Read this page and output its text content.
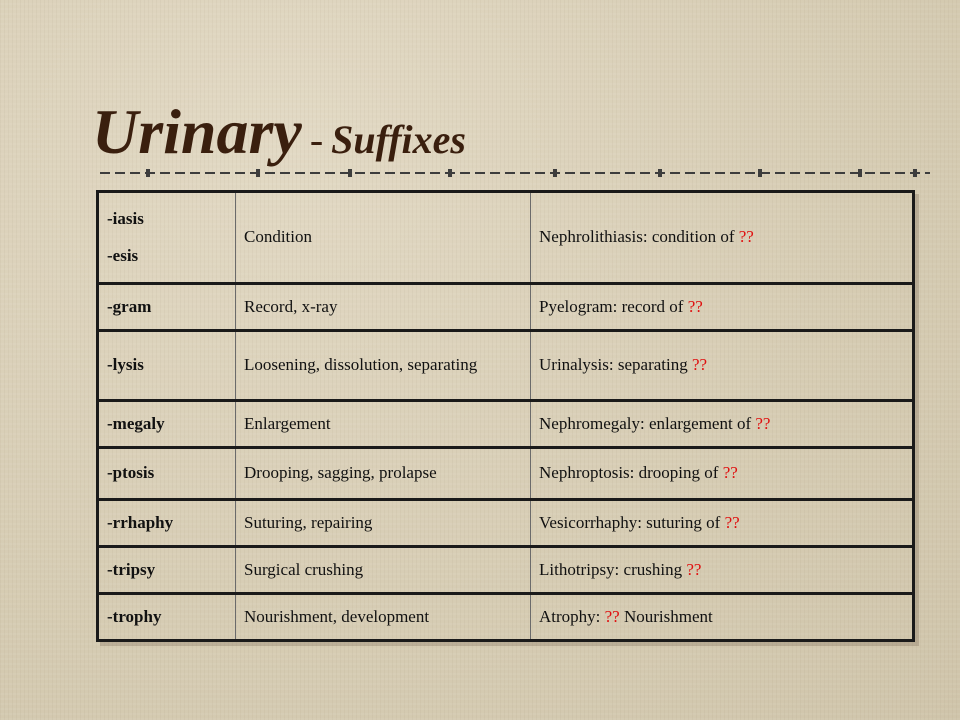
Urinary - Suffixes
-iasis
-esis	Condition	Nephrolithiasis: condition of ??

-gram	Record, x-ray	Pyelogram: record of ??

-lysis	Loosening, dissolution, separating	Urinalysis: separating ??

-megaly	Enlargement	Nephromegaly: enlargement of ??

-ptosis	Drooping, sagging, prolapse	Nephroptosis: drooping of ??

-rrhaphy	Suturing, repairing	Vesicorrhaphy: suturing of ??

-tripsy	Surgical crushing	Lithotripsy: crushing ??

-trophy	Nourishment, development	Atrophy: ?? Nourishment
